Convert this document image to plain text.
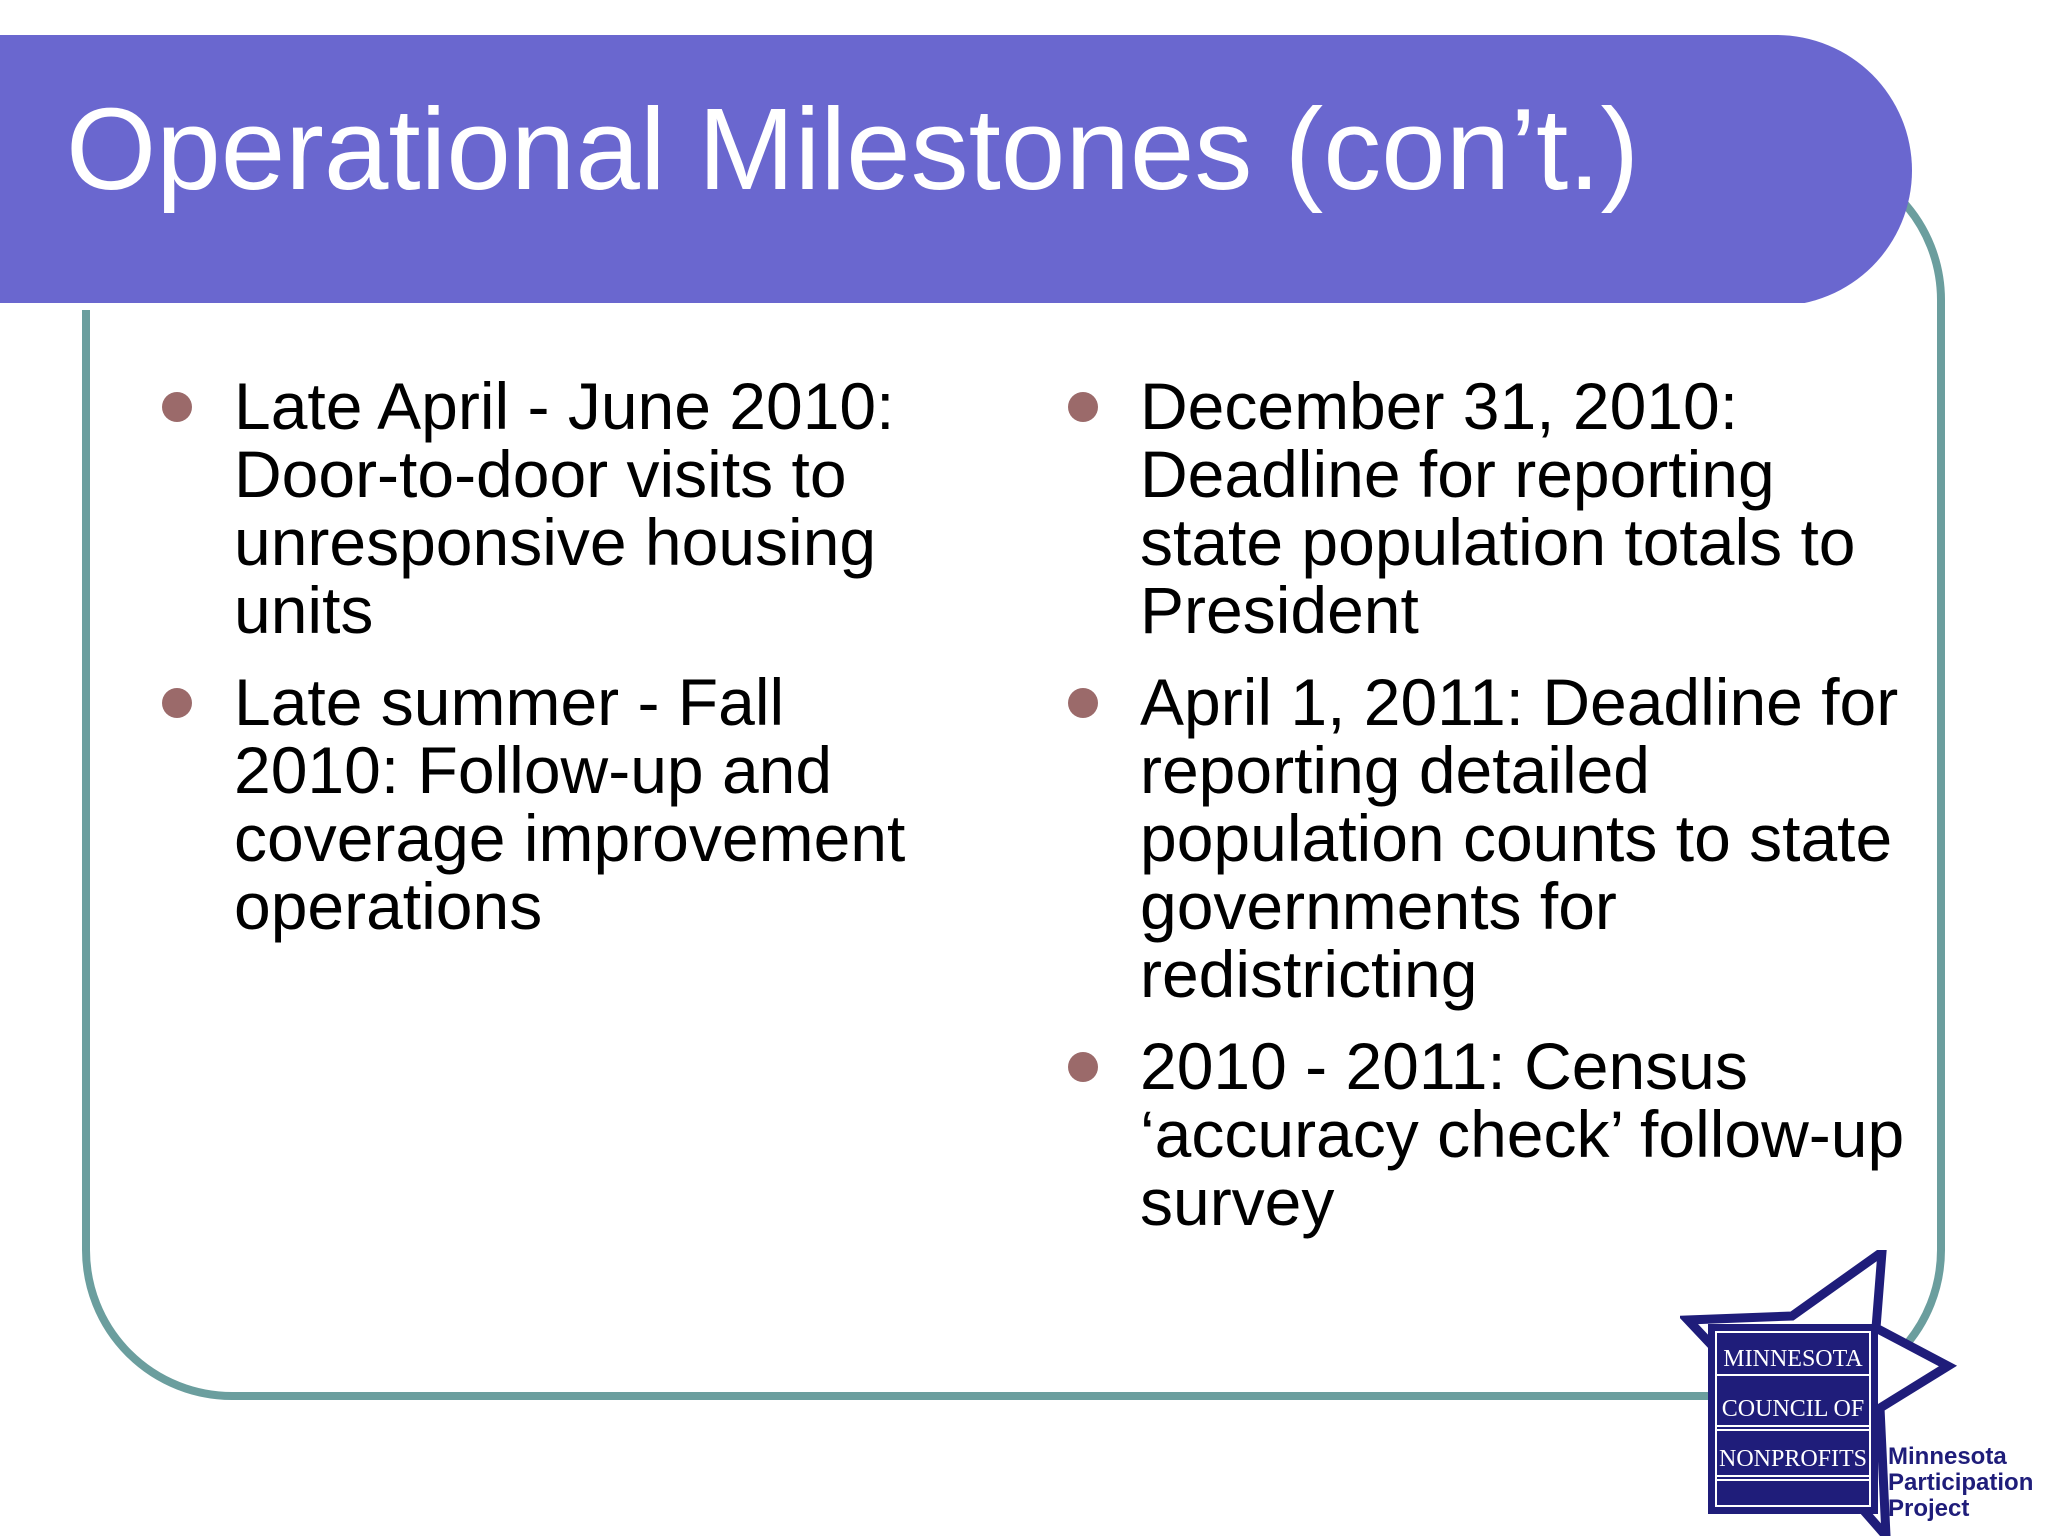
Operational Milestones (con’t.)
Late April - June 2010: Door-to-door visits to unresponsive housing units
Late summer - Fall 2010: Follow-up and coverage improvement operations
December 31, 2010: Deadline for reporting state population totals to President
April 1, 2011: Deadline for reporting detailed population counts to state governments for redistricting
2010 - 2011: Census ‘accuracy check’ follow-up survey
MINNESOTA
COUNCIL OF
NONPROFITS Minnesota
Participation
Project
